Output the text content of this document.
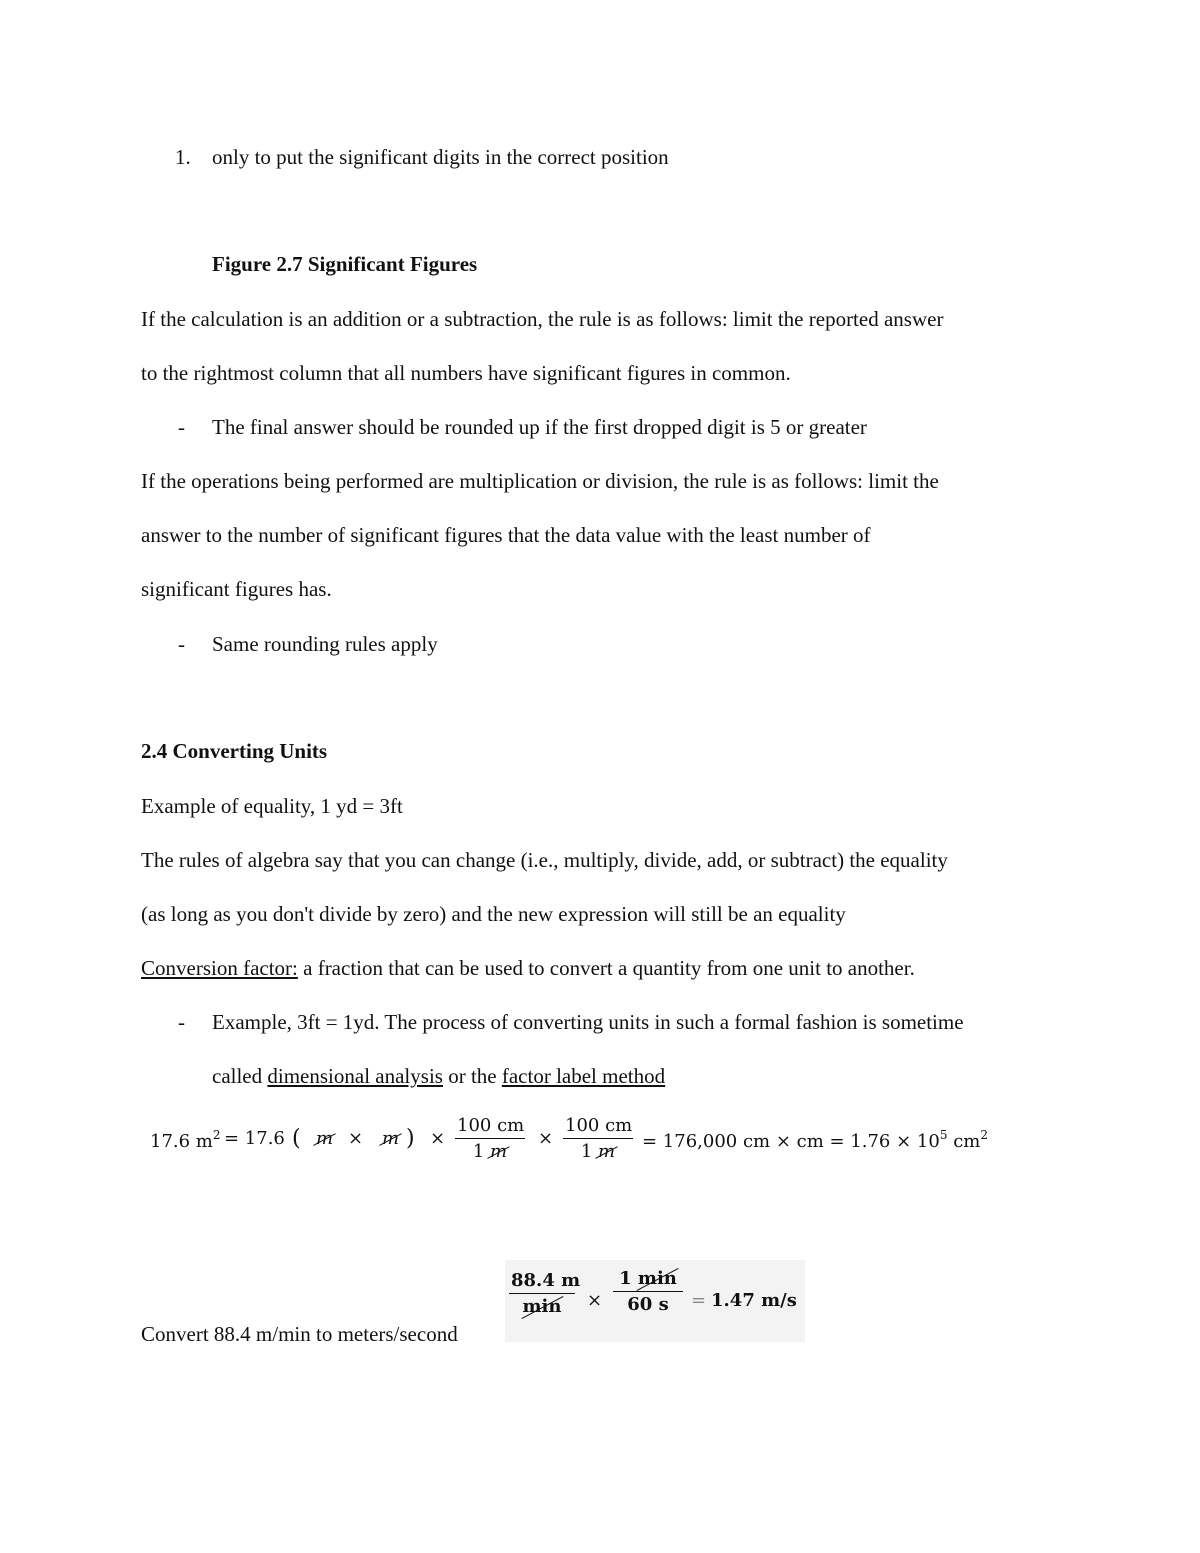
1. only to put the significant digits in the correct position
Figure 2.7 Significant Figures
If the calculation is an addition or a subtraction, the rule is as follows: limit the reported answer
to the rightmost column that all numbers have significant figures in common.
- The final answer should be rounded up if the first dropped digit is 5 or greater
If the operations being performed are multiplication or division, the rule is as follows: limit the
answer to the number of significant figures that the data value with the least number of
significant figures has.
- Same rounding rules apply
2.4 Converting Units
Example of equality, 1 yd = 3ft
The rules of algebra say that you can change (i.e., multiply, divide, add, or subtract) the equality
(as long as you don't divide by zero) and the new expression will still be an equality
Conversion factor: a fraction that can be used to convert a quantity from one unit to another.
- Example, 3ft = 1yd. The process of converting units in such a formal fashion is sometime
called dimensional analysis or the factor label method
17.6 $m^2 = 17.6$ ( m × m ) × $\frac{100 cm}{1 m} \times \frac{100 cm}{1 m} = 176,000$ cm × cm = $1.76 \times 10^5$ $cm^2$
Convert 88.4 m/min to meters/second
88.4 m
min	×
1 min
60 s	= 1.47 m/s
